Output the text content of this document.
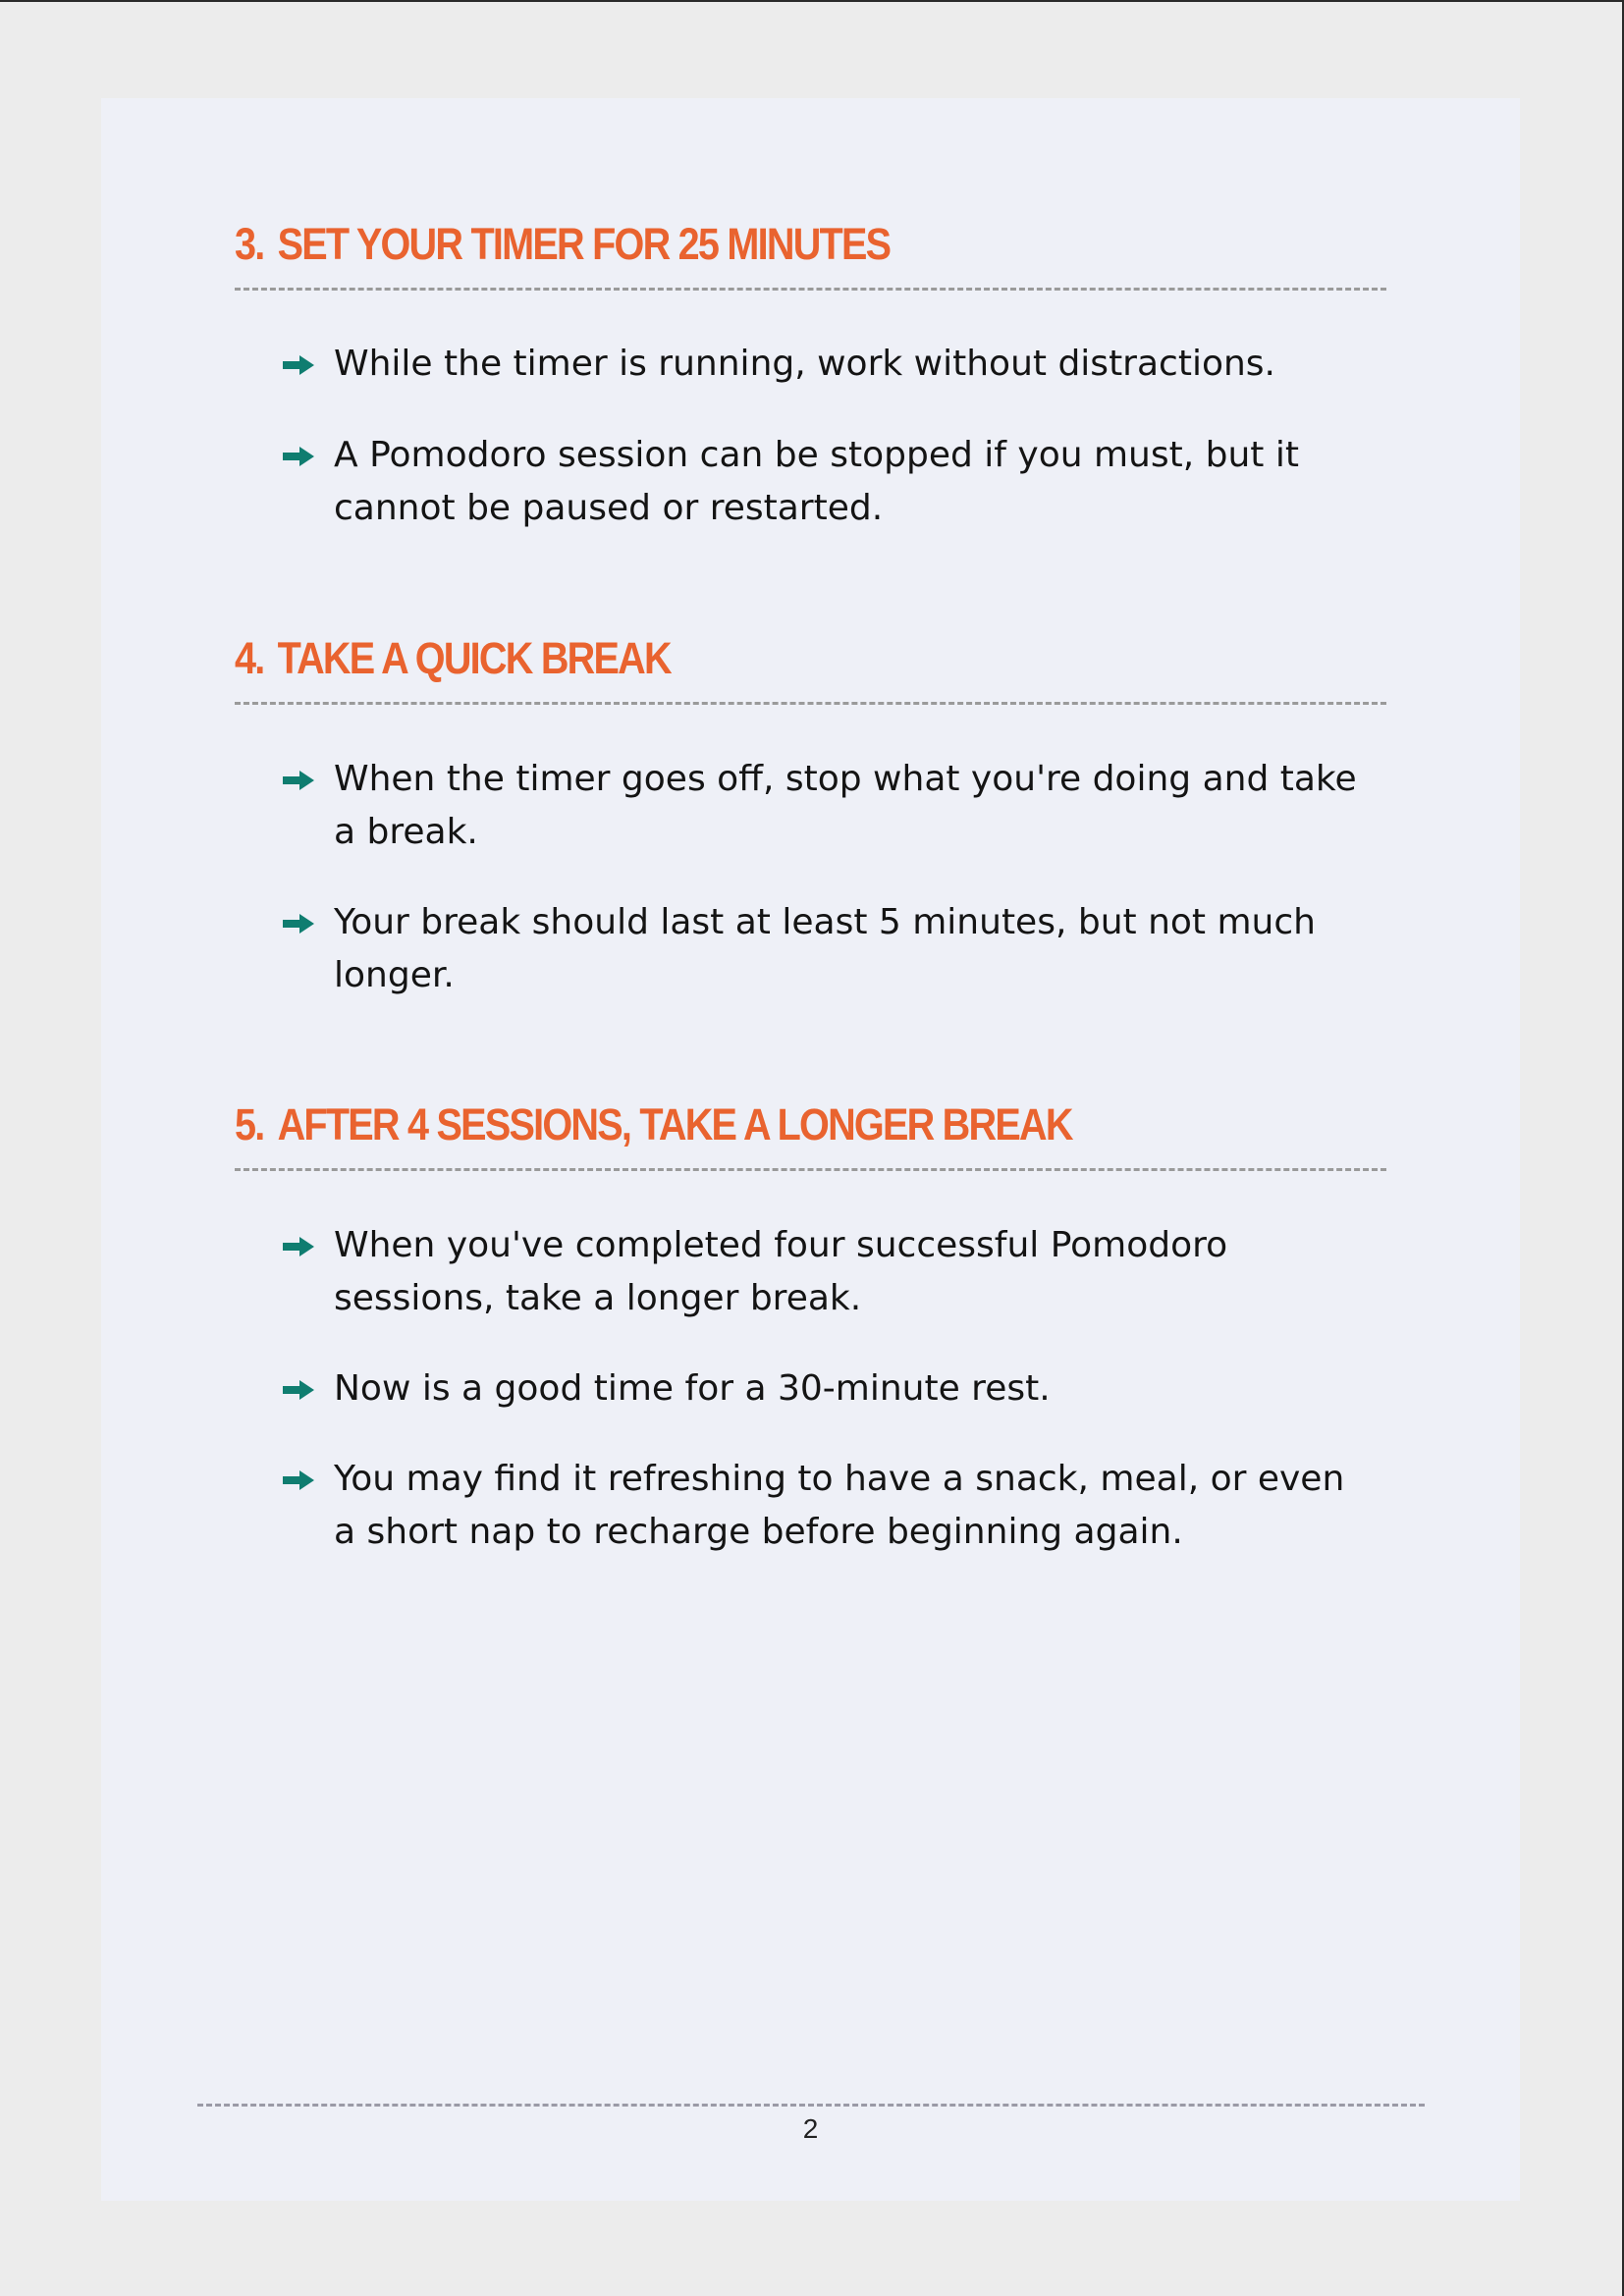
3. SET YOUR TIMER FOR 25 MINUTES
While the timer is running, work without distractions.
A Pomodoro session can be stopped if you must, but it cannot be paused or restarted.
4. TAKE A QUICK BREAK
When the timer goes off, stop what you're doing and take a break.
Your break should last at least 5 minutes, but not much longer.
5. AFTER 4 SESSIONS, TAKE A LONGER BREAK
When you've completed four successful Pomodoro sessions, take a longer break.
Now is a good time for a 30-minute rest.
You may find it refreshing to have a snack, meal, or even a short nap to recharge before beginning again.
2
